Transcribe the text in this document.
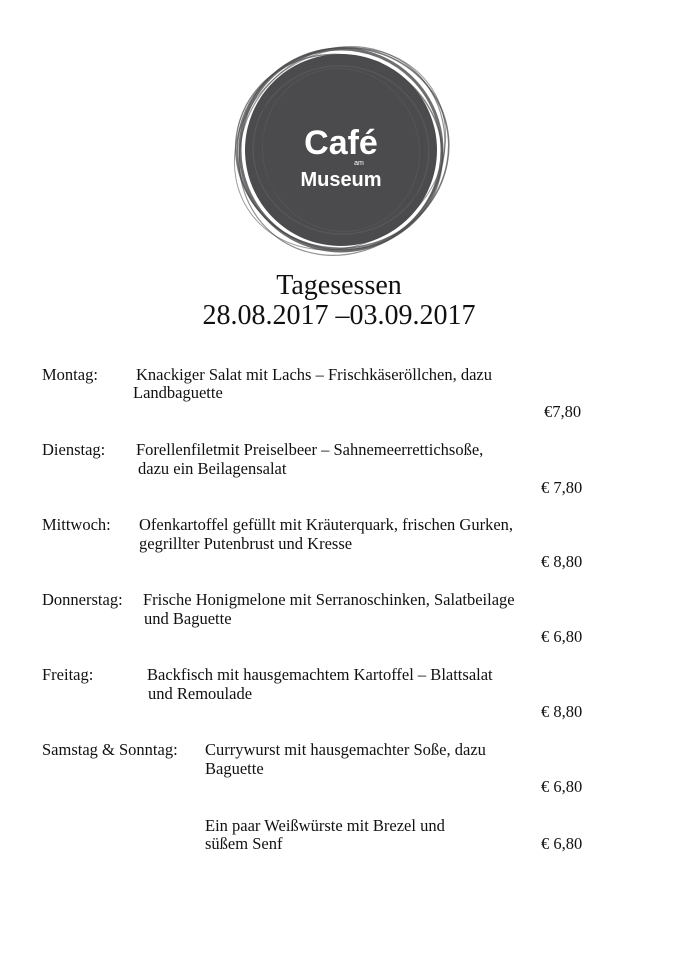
Café
am
Museum
Tagesessen
28.08.2017 –03.09.2017
Montag: Knackiger Salat mit Lachs – Frischkäseröllchen, dazu
Landbaguette
€7,80
Dienstag: Forellenfiletmit Preiselbeer – Sahnemeerrettichsoße,
dazu ein Beilagensalat
€ 7,80
Mittwoch: Ofenkartoffel gefüllt mit Kräuterquark, frischen Gurken,
gegrillter Putenbrust und Kresse
€ 8,80
Donnerstag: Frische Honigmelone mit Serranoschinken, Salatbeilage
und Baguette
€ 6,80
Freitag:	Backfisch mit hausgemachtem Kartoffel – Blattsalat
und Remoulade
€ 8,80
Samstag & Sonntag: Currywurst mit hausgemachter Soße, dazu
Baguette
€ 6,80
Ein paar Weißwürste mit Brezel und
süßem Senf	€ 6,80
